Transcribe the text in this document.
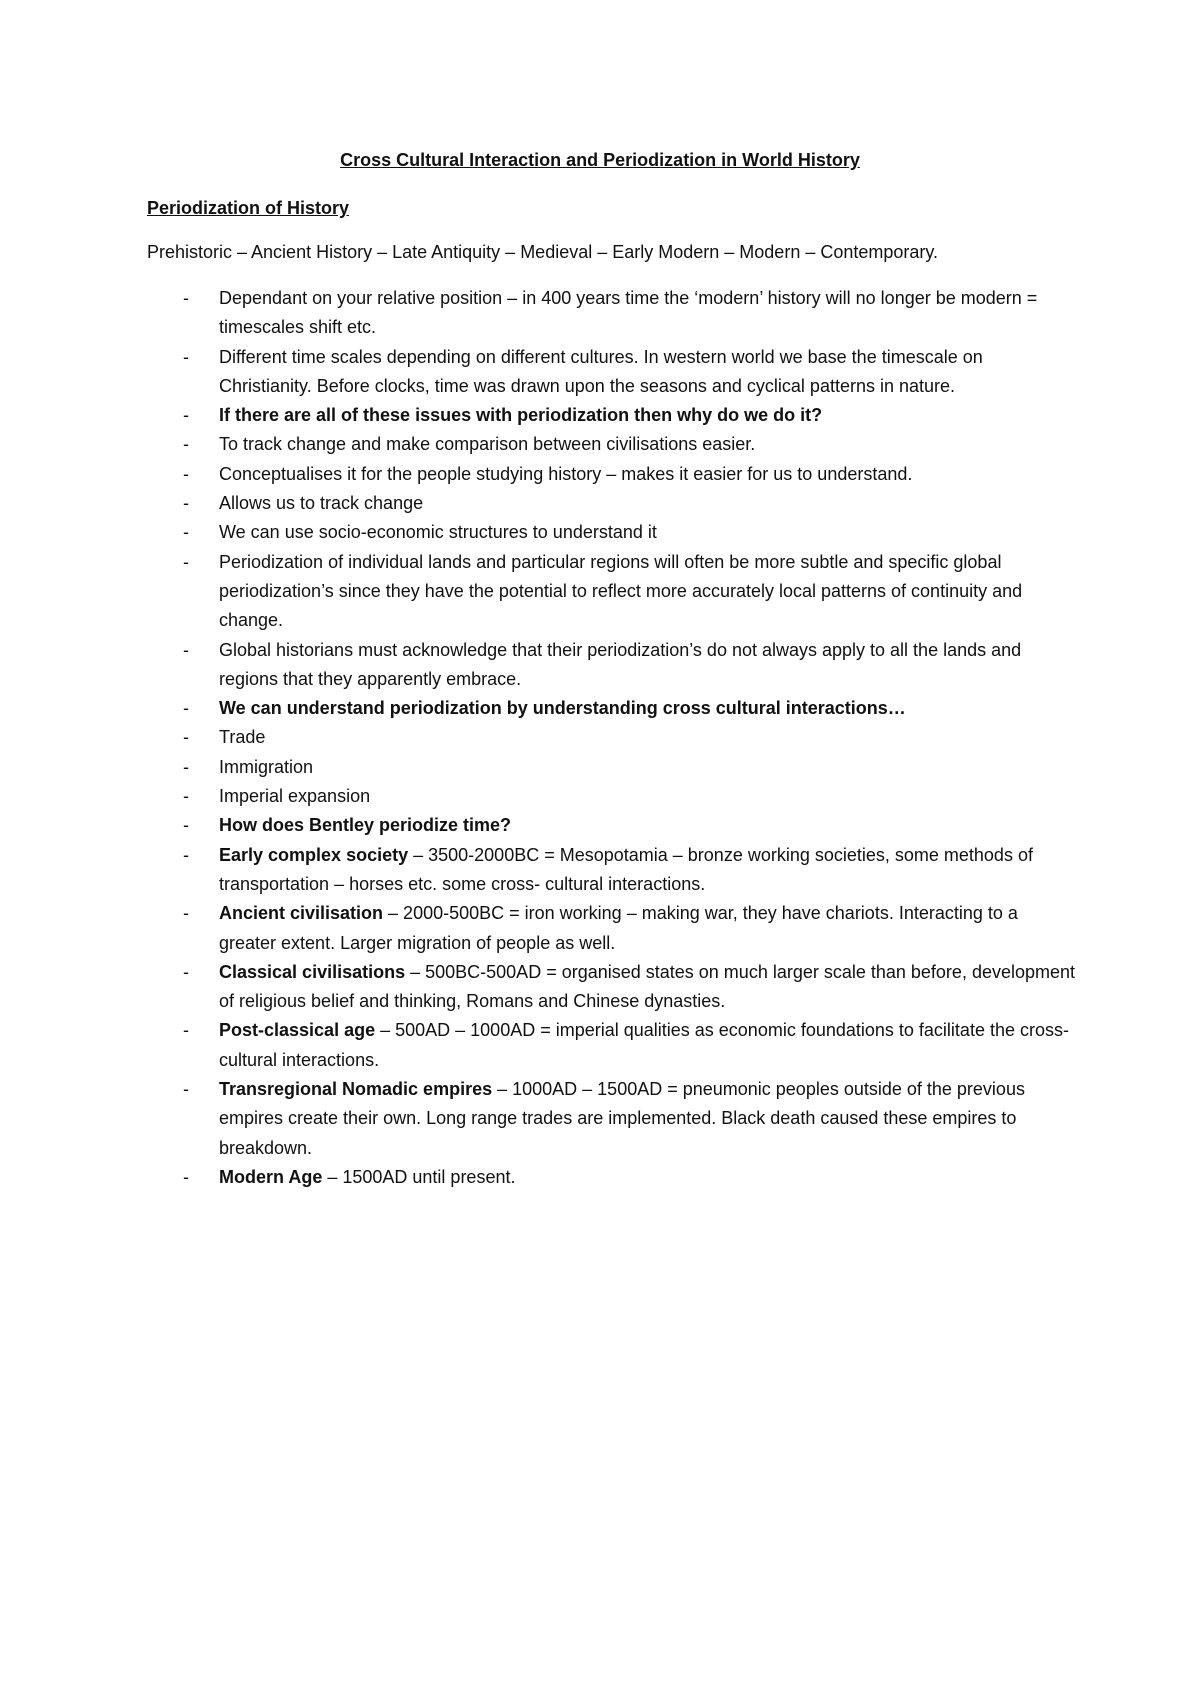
Cross Cultural Interaction and Periodization in World History
Periodization of History

Prehistoric – Ancient History – Late Antiquity – Medieval – Early Modern – Modern – Contemporary.

- Dependant on your relative position – in 400 years time the ‘modern’ history will no longer be modern = timescales shift etc.
- Different time scales depending on different cultures. In western world we base the timescale on Christianity. Before clocks, time was drawn upon the seasons and cyclical patterns in nature.
- If there are all of these issues with periodization then why do we do it?
- To track change and make comparison between civilisations easier.
- Conceptualises it for the people studying history – makes it easier for us to understand.
- Allows us to track change
- We can use socio-economic structures to understand it
- Periodization of individual lands and particular regions will often be more subtle and specific global periodization’s since they have the potential to reflect more accurately local patterns of continuity and change.
- Global historians must acknowledge that their periodization’s do not always apply to all the lands and regions that they apparently embrace.
- We can understand periodization by understanding cross cultural interactions…
- Trade
- Immigration
- Imperial expansion
- How does Bentley periodize time?
- Early complex society – 3500-2000BC = Mesopotamia – bronze working societies, some methods of transportation – horses etc. some cross- cultural interactions.
- Ancient civilisation – 2000-500BC = iron working – making war, they have chariots. Interacting to a greater extent. Larger migration of people as well.
- Classical civilisations – 500BC-500AD = organised states on much larger scale than before, development of religious belief and thinking, Romans and Chinese dynasties.
- Post-classical age – 500AD – 1000AD = imperial qualities as economic foundations to facilitate the cross-cultural interactions.
- Transregional Nomadic empires – 1000AD – 1500AD = pneumonic peoples outside of the previous empires create their own. Long range trades are implemented. Black death caused these empires to breakdown.
- Modern Age – 1500AD until present.
